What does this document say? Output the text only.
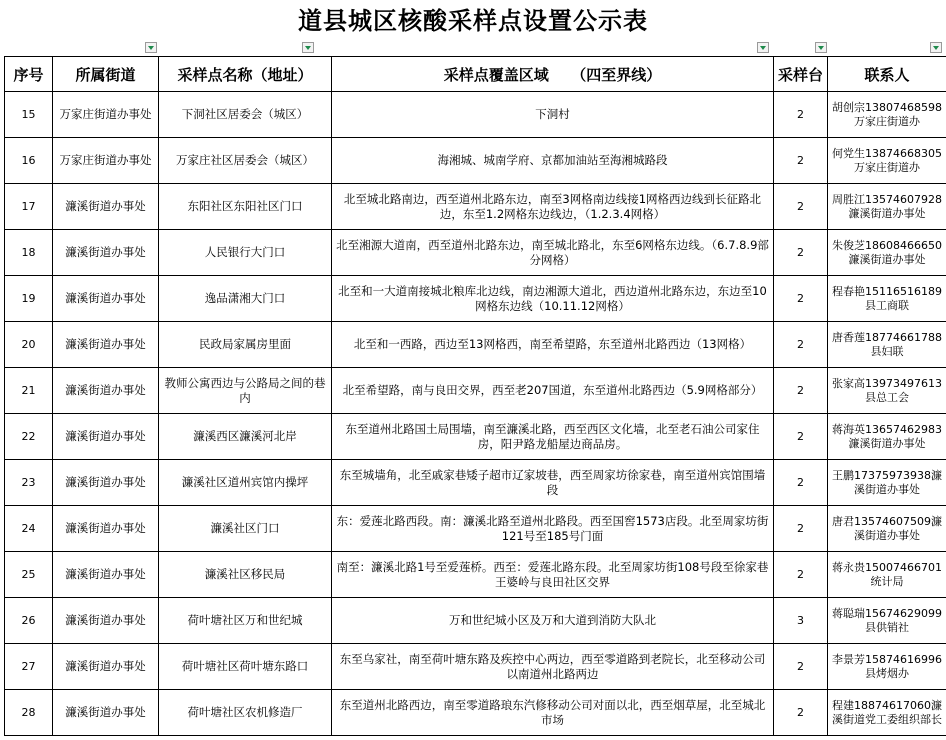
道县城区核酸采样点设置公示表
序号	所属街道	采样点名称（地址）	采样点覆盖区域　　（四至界线）	采样台	联系人
15	万家庄街道办事处	下洞社区居委会（城区）	下洞村	2	胡创宗13807468598万家庄街道办
16	万家庄街道办事处	万家庄社区居委会（城区）	海湘城、城南学府、京都加油站至海湘城路段	2	何党生13874668305万家庄街道办
17	濂溪街道办事处	东阳社区东阳社区门口	北至城北路南边，西至道州北路东边，南至3网格南边线接1网格西边线到长征路北边，东至1.2网格东边线边，（1.2.3.4网格）	2	周胜江13574607928濂溪街道办事处
18	濂溪街道办事处	人民银行大门口	北至湘源大道南，西至道州北路东边，南至城北路北，东至6网格东边线。（6.7.8.9部分网格）	2	朱俊芝18608466650濂溪街道办事处
19	濂溪街道办事处	逸品潇湘大门口	北至和一大道南接城北粮库北边线，南边湘源大道北，西边道州北路东边，东边至10网格东边线（10.11.12网格）	2	程春艳15116516189县工商联
20	濂溪街道办事处	民政局家属房里面	北至和一西路，西边至13网格西，南至希望路，东至道州北路西边（13网格）	2	唐香莲18774661788县妇联
21	濂溪街道办事处	教师公寓西边与公路局之间的巷内	北至希望路，南与良田交界，西至老207国道，东至道州北路西边（5.9网格部分）	2	张家高13973497613县总工会
22	濂溪街道办事处	濂溪西区濂溪河北岸	东至道州北路国土局围墙，南至濂溪北路，西至西区文化墙，北至老石油公司家住房，阳尹路龙船屋边商品房。	2	蒋海英13657462983濂溪街道办事处
23	濂溪街道办事处	濂溪社区道州宾馆内操坪	东至城墙角，北至戚家巷矮子超市辽家坡巷，西至周家坊徐家巷，南至道州宾馆围墙段	2	王鹏17375973938濂溪街道办事处
24	濂溪街道办事处	濂溪社区门口	东：爱莲北路西段。南：濂溪北路至道州北路段。西至国窖1573店段。北至周家坊街121号至185号门面	2	唐君13574607509濂溪街道办事处
25	濂溪街道办事处	濂溪社区移民局	南至：濂溪北路1号至爱莲桥。西至：爱莲北路东段。北至周家坊街108号段至徐家巷王婆岭与良田社区交界	2	蒋永贵15007466701统计局
26	濂溪街道办事处	荷叶塘社区万和世纪城	万和世纪城小区及万和大道到消防大队北	3	蒋聪瑞15674629099县供销社
27	濂溪街道办事处	荷叶塘社区荷叶塘东路口	东至乌家社，南至荷叶塘东路及疾控中心两边，西至零道路到老院长，北至移动公司以南道州北路两边	2	李景芳15874616996县烤烟办
28	濂溪街道办事处	荷叶塘社区农机修造厂	东至道州北路西边，南至零道路琅东汽修移动公司对面以北，西至烟草屋，北至城北市场	2	程建18874617060濂溪街道党工委组织部长
